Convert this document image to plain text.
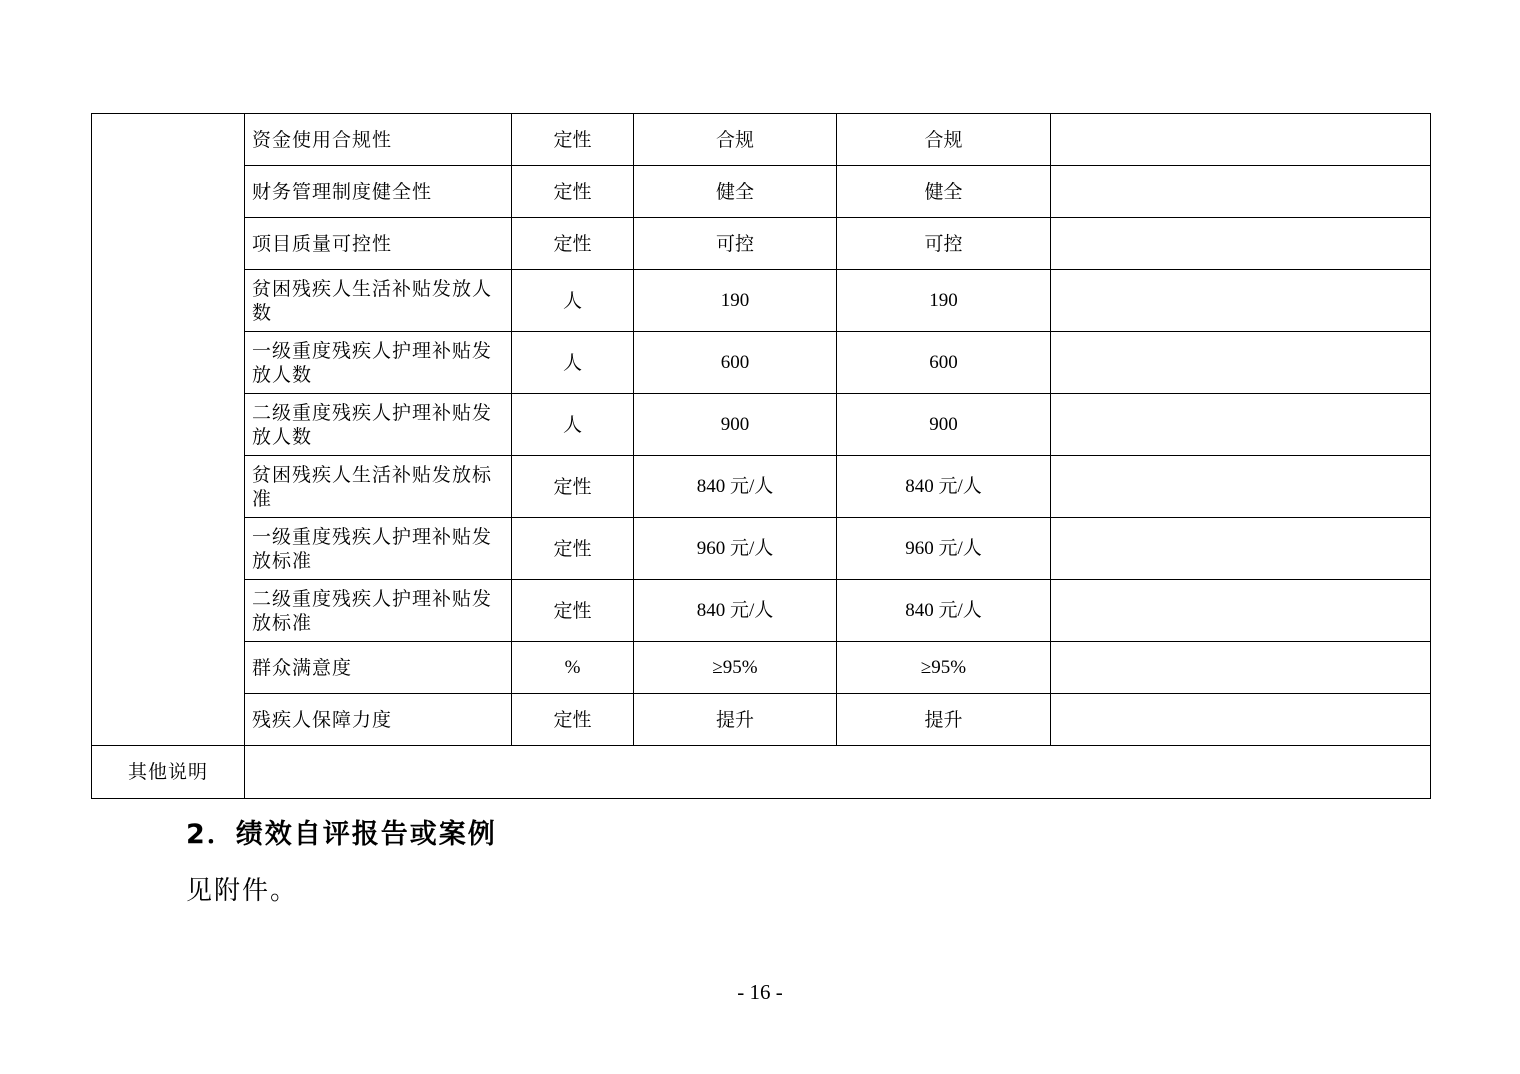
	资金使用合规性	定性	合规	合规	
	财务管理制度健全性	定性	健全	健全	
	项目质量可控性	定性	可控	可控	
	贫困残疾人生活补贴发放人数	人	190	190	
	一级重度残疾人护理补贴发放人数	人	600	600	
	二级重度残疾人护理补贴发放人数	人	900	900	
	贫困残疾人生活补贴发放标准	定性	840 元/人	840 元/人	
	一级重度残疾人护理补贴发放标准	定性	960 元/人	960 元/人	
	二级重度残疾人护理补贴发放标准	定性	840 元/人	840 元/人	
	群众满意度	%	≥95%	≥95%	
	残疾人保障力度	定性	提升	提升	
其他说明					
2．绩效自评报告或案例
见附件。
- 16 -
